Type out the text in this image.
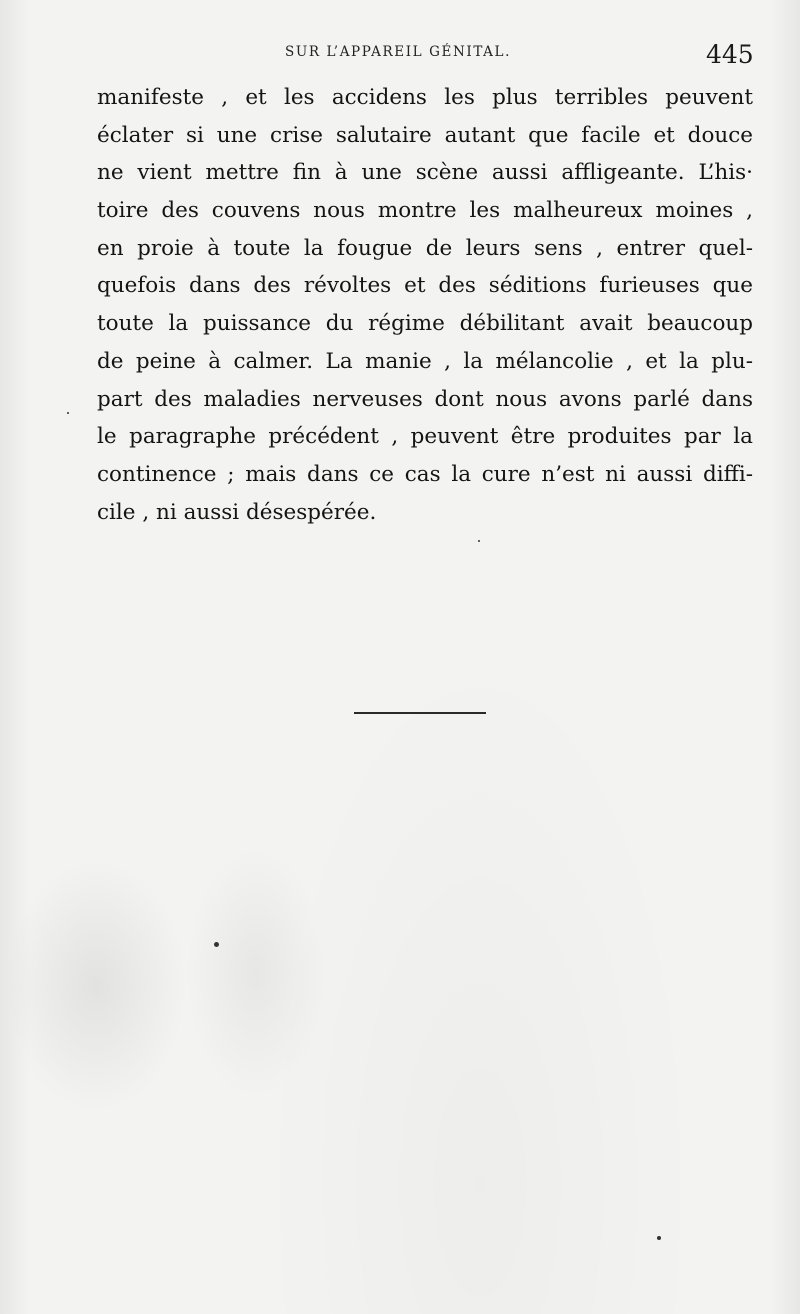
SUR L’APPAREIL GÉNITAL.	445
manifeste , et les accidens les plus terribles peuvent
éclater si une crise salutaire autant que facile et douce
ne vient mettre fin à une scène aussi affligeante. L’his·
toire des couvens nous montre les malheureux moines ,
en proie à toute la fougue de leurs sens , entrer quel-
quefois dans des révoltes et des séditions furieuses que
toute la puissance du régime débilitant avait beaucoup
de peine à calmer. La manie , la mélancolie , et la plu-
part des maladies nerveuses dont nous avons parlé dans
le paragraphe précédent , peuvent être produites par la
continence ; mais dans ce cas la cure n’est ni aussi diffi-
cile , ni aussi désespérée.
